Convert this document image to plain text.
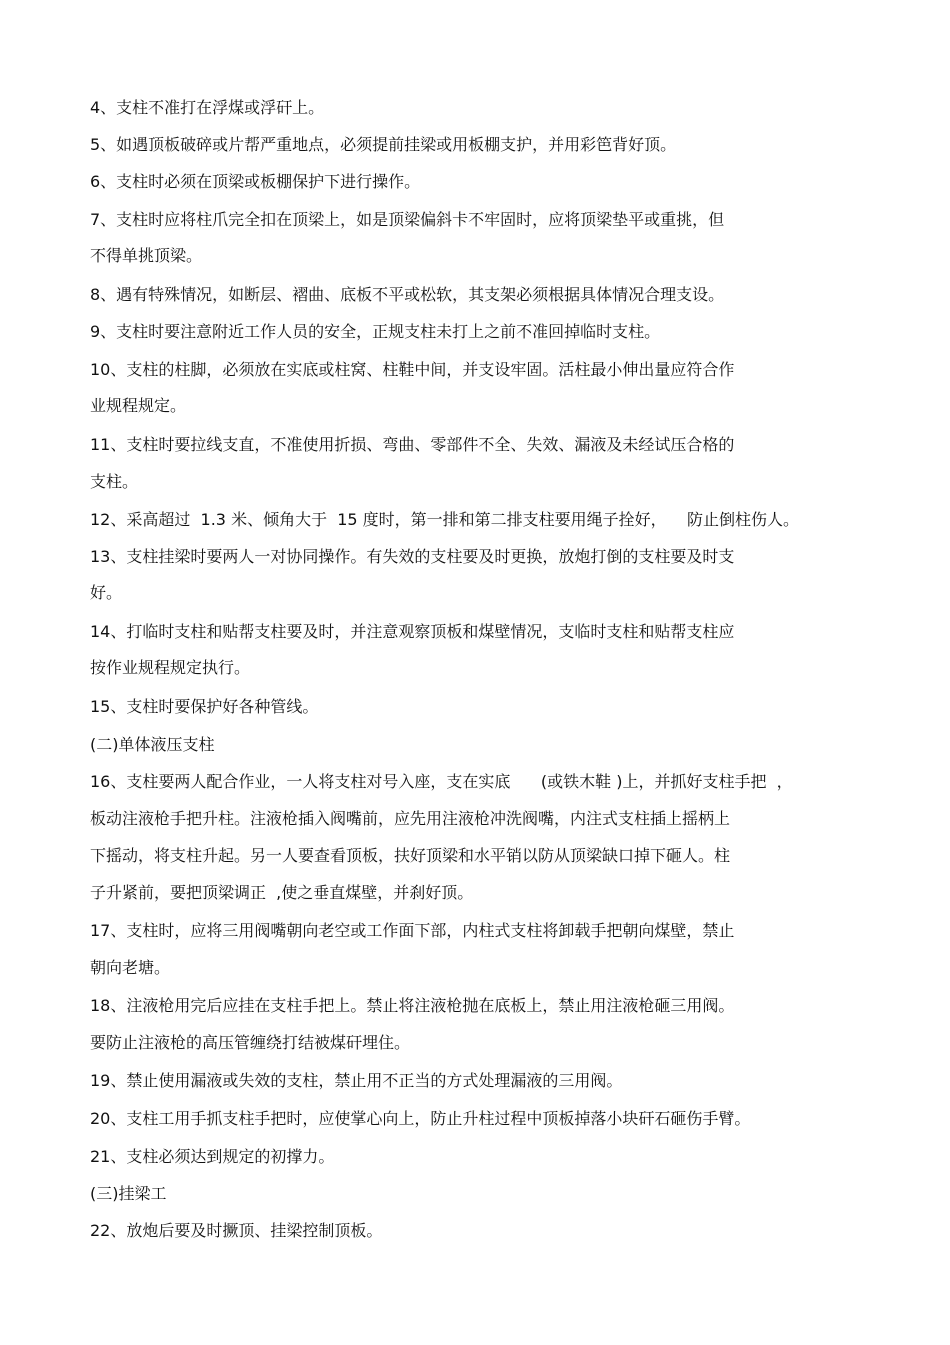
4、支柱不准打在浮煤或浮矸上。
5、如遇顶板破碎或片帮严重地点，必须提前挂梁或用板棚支护，并用彩笆背好顶。
6、支柱时必须在顶梁或板棚保护下进行操作。
7、支柱时应将柱爪完全扣在顶梁上，如是顶梁偏斜卡不牢固时，应将顶梁垫平或重挑，但
不得单挑顶梁。
8、遇有特殊情况，如断层、褶曲、底板不平或松软，其支架必须根据具体情况合理支设。
9、支柱时要注意附近工作人员的安全，正规支柱未打上之前不准回掉临时支柱。
10、支柱的柱脚，必须放在实底或柱窝、柱鞋中间，并支设牢固。活柱最小伸出量应符合作
业规程规定。
11、支柱时要拉线支直，不准使用折损、弯曲、零部件不全、失效、漏液及未经试压合格的
支柱。
12、采高超过  1.3 米、倾角大于  15 度时，第一排和第二排支柱要用绳子拴好，    防止倒柱伤人。
13、支柱挂梁时要两人一对协同操作。有失效的支柱要及时更换，放炮打倒的支柱要及时支
好。
14、打临时支柱和贴帮支柱要及时，并注意观察顶板和煤壁情况，支临时支柱和贴帮支柱应
按作业规程规定执行。
15、支柱时要保护好各种管线。
(二)单体液压支柱
16、支柱要两人配合作业，一人将支柱对号入座，支在实底      (或铁木鞋 )上，并抓好支柱手把  ，
板动注液枪手把升柱。注液枪插入阀嘴前，应先用注液枪冲洗阀嘴，内注式支柱插上摇柄上
下摇动，将支柱升起。另一人要查看顶板，扶好顶梁和水平销以防从顶梁缺口掉下砸人。柱
子升紧前，要把顶梁调正  ,使之垂直煤壁，并刹好顶。
17、支柱时，应将三用阀嘴朝向老空或工作面下部，内柱式支柱将卸载手把朝向煤壁，禁止
朝向老塘。
18、注液枪用完后应挂在支柱手把上。禁止将注液枪抛在底板上，禁止用注液枪砸三用阀。
要防止注液枪的高压管缠绕打结被煤矸埋住。
19、禁止使用漏液或失效的支柱，禁止用不正当的方式处理漏液的三用阀。
20、支柱工用手抓支柱手把时，应使掌心向上，防止升柱过程中顶板掉落小块矸石砸伤手臂。
21、支柱必须达到规定的初撑力。
(三)挂梁工
22、放炮后要及时撅顶、挂梁控制顶板。
